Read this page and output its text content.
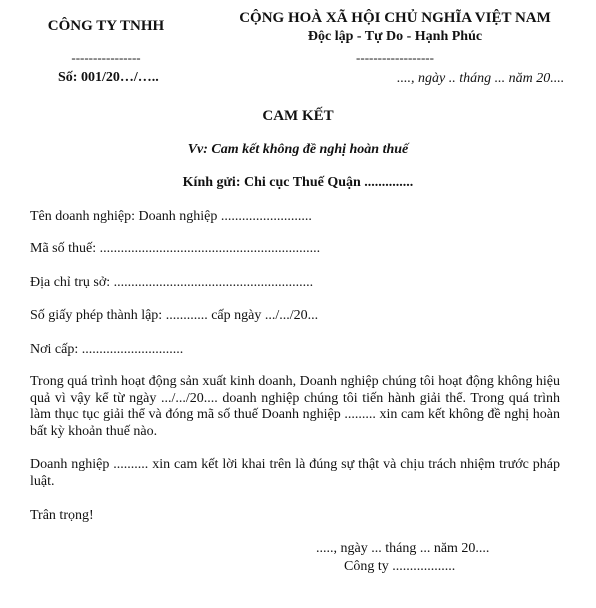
CÔNG TY TNHH
----------------
Số: 001/20…/…..
CỘNG HOÀ XÃ HỘI CHỦ NGHĨA VIỆT NAM
Độc lập - Tự Do - Hạnh Phúc
------------------
...., ngày .. tháng ... năm 20....
CAM KẾT
Vv: Cam kết không đề nghị hoàn thuế
Kính gửi: Chi cục Thuế Quận ..............
Tên doanh nghiệp: Doanh nghiệp ..........................
Mã số thuế: ...............................................................
Địa chỉ trụ sở: .........................................................
Số giấy phép thành lập: ............ cấp ngày .../.../20...
Nơi cấp: .............................
Trong quá trình hoạt động sản xuất kinh doanh, Doanh nghiệp chúng tôi hoạt động không hiệu quả vì vậy kể từ ngày .../.../20.... doanh nghiệp chúng tôi tiến hành giải thể. Trong quá trình làm thục tục giải thể và đóng mã số thuế Doanh nghiệp ......... xin cam kết không đề nghị hoàn bất kỳ khoản thuế nào.
Doanh nghiệp .......... xin cam kết lời khai trên là đúng sự thật và chịu trách nhiệm trước pháp luật.
Trân trọng!
....., ngày ... tháng ... năm 20....
Công ty ..................
